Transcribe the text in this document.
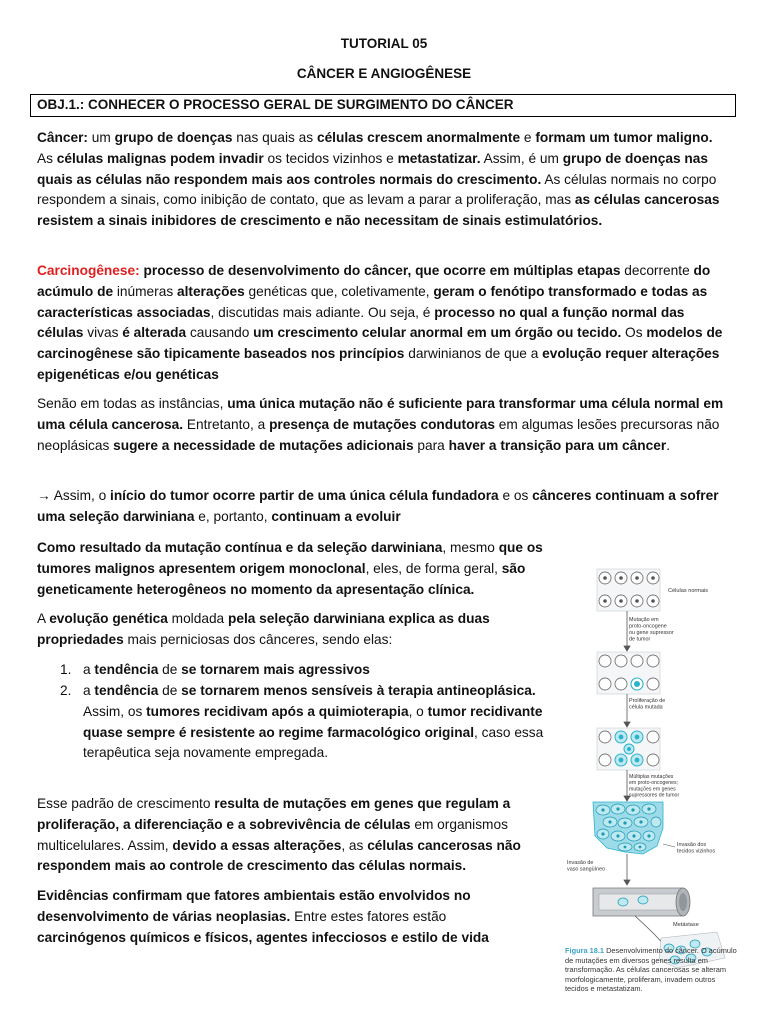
TUTORIAL 05
CÂNCER E ANGIOGÊNESE
OBJ.1.: CONHECER O PROCESSO GERAL DE SURGIMENTO DO CÂNCER
Câncer: um grupo de doenças nas quais as células crescem anormalmente e formam um tumor maligno. As células malignas podem invadir os tecidos vizinhos e metastatizar. Assim, é um grupo de doenças nas quais as células não respondem mais aos controles normais do crescimento. As células normais no corpo respondem a sinais, como inibição de contato, que as levam a parar a proliferação, mas as células cancerosas resistem a sinais inibidores de crescimento e não necessitam de sinais estimulatórios.
Carcinogênese: processo de desenvolvimento do câncer, que ocorre em múltiplas etapas decorrente do acúmulo de inúmeras alterações genéticas que, coletivamente, geram o fenótipo transformado e todas as características associadas, discutidas mais adiante. Ou seja, é processo no qual a função normal das células vivas é alterada causando um crescimento celular anormal em um órgão ou tecido. Os modelos de carcinogênese são tipicamente baseados nos princípios darwinianos de que a evolução requer alterações epigenéticas e/ou genéticas
Senão em todas as instâncias, uma única mutação não é suficiente para transformar uma célula normal em uma célula cancerosa. Entretanto, a presença de mutações condutoras em algumas lesões precursoras não neoplásicas sugere a necessidade de mutações adicionais para haver a transição para um câncer.
→ Assim, o início do tumor ocorre partir de uma única célula fundadora e os cânceres continuam a sofrer uma seleção darwiniana e, portanto, continuam a evoluir
Como resultado da mutação contínua e da seleção darwiniana, mesmo que os tumores malignos apresentem origem monoclonal, eles, de forma geral, são geneticamente heterogêneos no momento da apresentação clínica.
A evolução genética moldada pela seleção darwiniana explica as duas propriedades mais perniciosas dos cânceres, sendo elas:
1. a tendência de se tornarem mais agressivos
2. a tendência de se tornarem menos sensíveis à terapia antineoplásica. Assim, os tumores recidivam após a quimioterapia, o tumor recidivante quase sempre é resistente ao regime farmacológico original, caso essa terapêutica seja novamente empregada.
Esse padrão de crescimento resulta de mutações em genes que regulam a proliferação, a diferenciação e a sobrevivência de células em organismos multicelulares. Assim, devido a essas alterações, as células cancerosas não respondem mais ao controle de crescimento das células normais.
Evidências confirmam que fatores ambientais estão envolvidos no desenvolvimento de várias neoplasias. Entre estes fatores estão carcinógenos químicos e físicos, agentes infecciosos e estilo de vida
Células normais
Mutação em proto-oncogene ou gene supressor de tumor
Proliferação de célula mutada
Múltiplas mutações em proto-oncogenes; mutações em genes supressores de tumor
Invasão dos tecidos vizinhos
Invasão de vaso sangüíneo
Metástase
Figura 18.1 Desenvolvimento do câncer. O acúmulo de mutações em diversos genes resulta em transformação. As células cancerosas se alteram morfologicamente, proliferam, invadem outros tecidos e metastatizam.
